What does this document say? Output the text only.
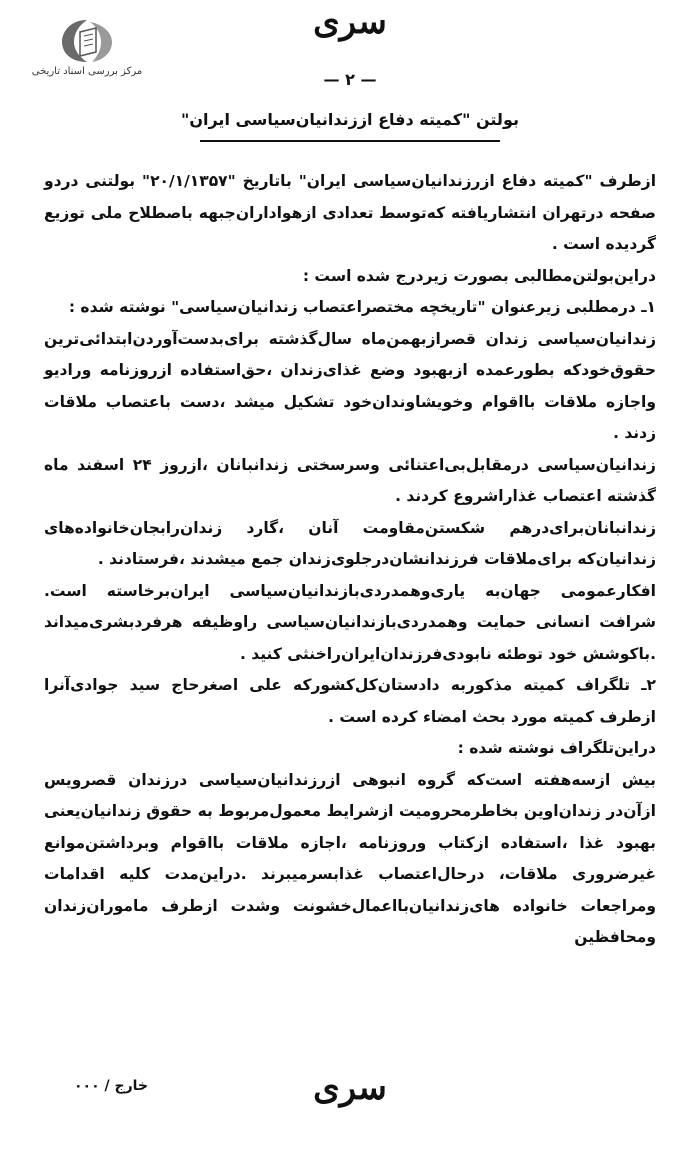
مرکز بررسی اسناد تاریخی
سری
— ۲ —
بولتن "کمیته دفاع اززندانیان‌سیاسی ایران"

ازطرف "کمیته دفاع ازرزندانیان‌سیاسی ایران" باتاریخ "۲۰/۱/۱۳۵۷" بولتنی دردو صفحه درتهران انتشاریافته که‌توسط تعدادی ازهواداران‌جبهه باصطلاح ملی توزیع گردیده است .

دراین‌بولتن‌مطالبی بصورت زیردرج شده است :

۱ـ درمطلبی زیرعنوان "تاریخچه مختصراعتصاب زندانیان‌سیاسی" نوشته شده :

زندانیان‌سیاسی زندان قصرازبهمن‌ماه سال‌گذشته برای‌بدست‌آوردن‌ابتدائی‌ترین حقوق‌خودکه بطورعمده ازبهبود وضع غذای‌زندان ،حق‌استفاده ازروزنامه ورادیو واجازه ملاقات بااقوام وخویشاوندان‌خود تشکیل میشد ،دست باعتصاب ملاقات زدند .

زندانیان‌سیاسی درمقابل‌بی‌اعتنائی وسرسختی زندانبانان ،ازروز ۲۴ اسفند ماه گذشته اعتصاب غذاراشروع کردند .

زندانبانان‌برای‌درهم شکستن‌مقاومت آنان ،گارد زندان‌رابجان‌خانواده‌های زندانیان‌که برای‌ملاقات فرزندانشان‌درجلوی‌زندان جمع میشدند ،فرستادند .

افکارعمومی جهان‌به یاری‌وهمدردی‌بازندانیان‌سیاسی ایران‌برخاسته است. شرافت انسانی حمایت وهمدردی‌بازندانیان‌سیاسی راوظیفه هرفردبشری‌میداند .باکوشش خود توطئه نابودی‌فرزندان‌ایران‌راخنثی کنید .

۲ـ تلگراف کمیته مذکوربه دادستان‌کل‌کشورکه علی اصغرحاج سید جوادی‌آنرا ازطرف کمیته مورد بحث امضاء کرده است .

دراین‌تلگراف نوشته شده :

بیش ازسه‌هفته است‌که گروه انبوهی ازرزندانیان‌سیاسی درزندان قصرویس ازآن‌در زندان‌اوین بخاطرمحرومیت ازشرایط معمول‌مربوط به حقوق زندانیان‌یعنی بهبود غذا ،استفاده ازکتاب وروزنامه ،اجازه ملاقات بااقوام وبرداشتن‌موانع غیرضروری ملاقات، درحال‌اعتصاب غذابسرمیبرند .دراین‌مدت کلیه اقدامات ومراجعات خانواده های‌زندانیان‌بااعمال‌خشونت وشدت ازطرف ماموران‌زندان ومحافظین

سری
خارج / ۰۰۰
